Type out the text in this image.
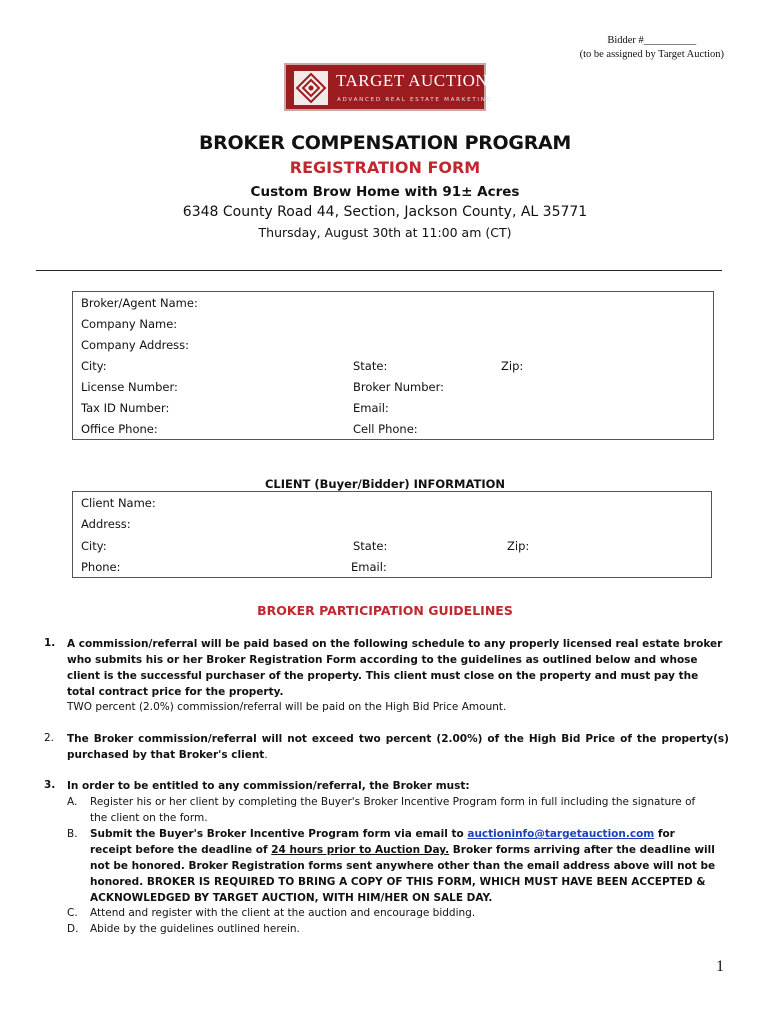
Bidder #__________
(to be assigned by Target Auction)
TARGET AUCTION
ADVANCED REAL ESTATE MARKETING
BROKER COMPENSATION PROGRAM
REGISTRATION FORM
Custom Brow Home with 91± Acres
6348 County Road 44, Section, Jackson County, AL 35771
Thursday, August 30th at 11:00 am (CT)
Broker/Agent Name:
Company Name:
Company Address:
City:	State:	Zip:
License Number:	Broker Number:
Tax ID Number:	Email:
Office Phone:	Cell Phone:
CLIENT (Buyer/Bidder) INFORMATION
Client Name:
Address:
City:	State:	Zip:
Phone:	Email:
BROKER PARTICIPATION GUIDELINES
1. A commission/referral will be paid based on the following schedule to any properly licensed real estate broker who submits his or her Broker Registration Form according to the guidelines as outlined below and whose client is the successful purchaser of the property. This client must close on the property and must pay the total contract price for the property.
TWO percent (2.0%) commission/referral will be paid on the High Bid Price Amount.
2. The Broker commission/referral will not exceed two percent (2.00%) of the High Bid Price of the property(s) purchased by that Broker's client.
3. In order to be entitled to any commission/referral, the Broker must:
A. Register his or her client by completing the Buyer's Broker Incentive Program form in full including the signature of the client on the form.
B. Submit the Buyer's Broker Incentive Program form via email to auctioninfo@targetauction.com for receipt before the deadline of 24 hours prior to Auction Day. Broker forms arriving after the deadline will not be honored. Broker Registration forms sent anywhere other than the email address above will not be honored. BROKER IS REQUIRED TO BRING A COPY OF THIS FORM, WHICH MUST HAVE BEEN ACCEPTED & ACKNOWLEDGED BY TARGET AUCTION, WITH HIM/HER ON SALE DAY.
C. Attend and register with the client at the auction and encourage bidding.
D. Abide by the guidelines outlined herein.
1
